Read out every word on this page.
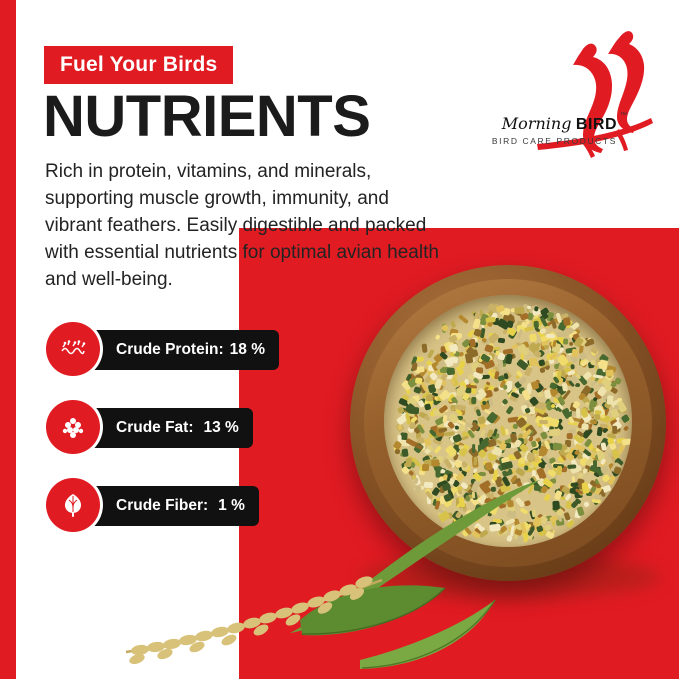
Morning BIRD
™
BIRD CARE PRODUCTS
Fuel Your Birds
NUTRIENTS
Rich in protein, vitamins, and minerals, supporting muscle growth, immunity, and vibrant feathers. Easily digestible and packed with essential nutrients for optimal avian health and well-being.
Crude Protein: 18 %
Crude Fat: 13 %
Crude Fiber: 1 %
